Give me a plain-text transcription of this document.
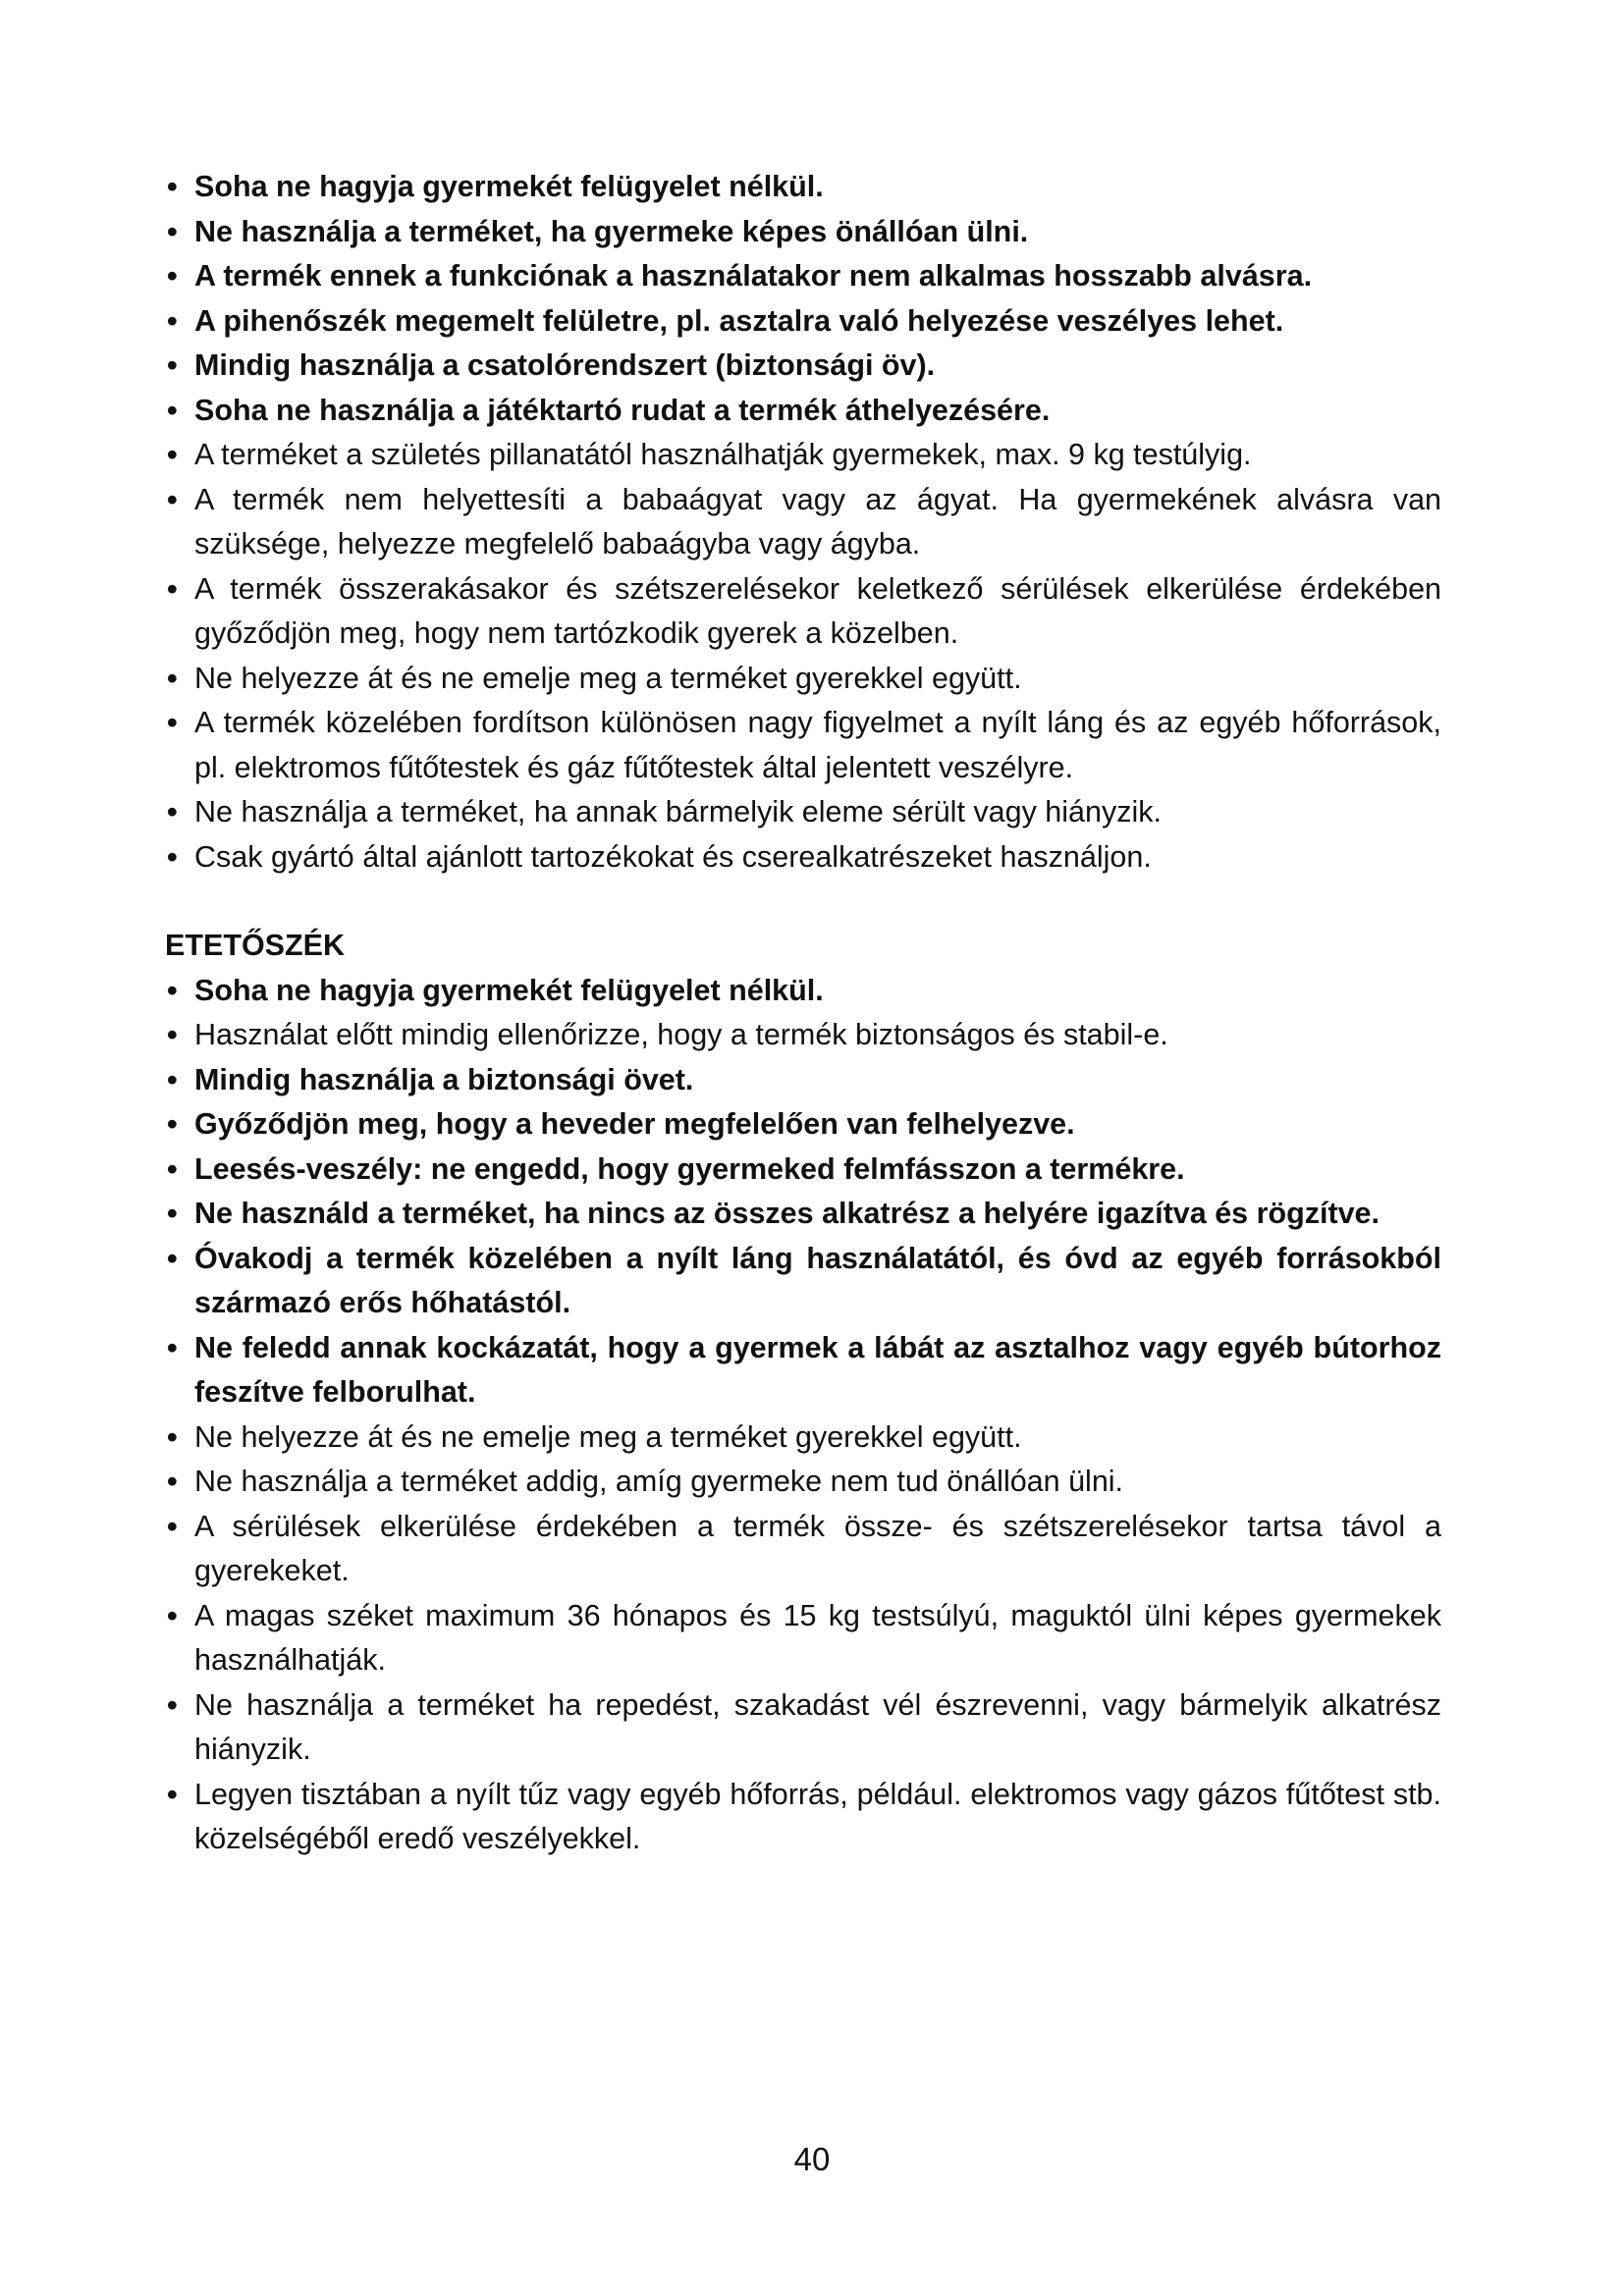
• Soha ne hagyja gyermekét felügyelet nélkül.
• Ne használja a terméket, ha gyermeke képes önállóan ülni.
• A termék ennek a funkciónak a használatakor nem alkalmas hosszabb alvásra.
• A pihenőszék megemelt felületre, pl. asztalra való helyezése veszélyes lehet.
• Mindig használja a csatolórendszert (biztonsági öv).
• Soha ne használja a játéktartó rudat a termék áthelyezésére.
• A terméket a születés pillanatától használhatják gyermekek, max. 9 kg testúlyig.
• A termék nem helyettesíti a babaágyat vagy az ágyat. Ha gyermekének alvásra van szüksége, helyezze megfelelő babaágyba vagy ágyba.
• A termék összerakásakor és szétszerelésekor keletkező sérülések elkerülése érdekében győződjön meg, hogy nem tartózkodik gyerek a közelben.
• Ne helyezze át és ne emelje meg a terméket gyerekkel együtt.
• A termék közelében fordítson különösen nagy figyelmet a nyílt láng és az egyéb hőforrások, pl. elektromos fűtőtestek és gáz fűtőtestek által jelentett veszélyre.
• Ne használja a terméket, ha annak bármelyik eleme sérült vagy hiányzik.
• Csak gyártó által ajánlott tartozékokat és cserealkatrészeket használjon.
ETETŐSZÉK
• Soha ne hagyja gyermekét felügyelet nélkül.
• Használat előtt mindig ellenőrizze, hogy a termék biztonságos és stabil-e.
• Mindig használja a biztonsági övet.
• Győződjön meg, hogy a heveder megfelelően van felhelyezve.
• Leesés-veszély: ne engedd, hogy gyermeked felmfásszon a termékre.
• Ne használd a terméket, ha nincs az összes alkatrész a helyére igazítva és rögzítve.
• Óvakodj a termék közelében a nyílt láng használatától, és óvd az egyéb forrásokból származó erős hőhatástól.
• Ne feledd annak kockázatát, hogy a gyermek a lábát az asztalhoz vagy egyéb bútorhoz feszítve felborulhat.
• Ne helyezze át és ne emelje meg a terméket gyerekkel együtt.
• Ne használja a terméket addig, amíg gyermeke nem tud önállóan ülni.
• A sérülések elkerülése érdekében a termék össze- és szétszerelésekor tartsa távol a gyerekeket.
• A magas széket maximum 36 hónapos és 15 kg testsúlyú, maguktól ülni képes gyermekek használhatják.
• Ne használja a terméket ha repedést, szakadást vél észrevenni, vagy bármelyik alkatrész hiányzik.
• Legyen tisztában a nyílt tűz vagy egyéb hőforrás, például. elektromos vagy gázos fűtőtest stb. közelségéből eredő veszélyekkel.
40
